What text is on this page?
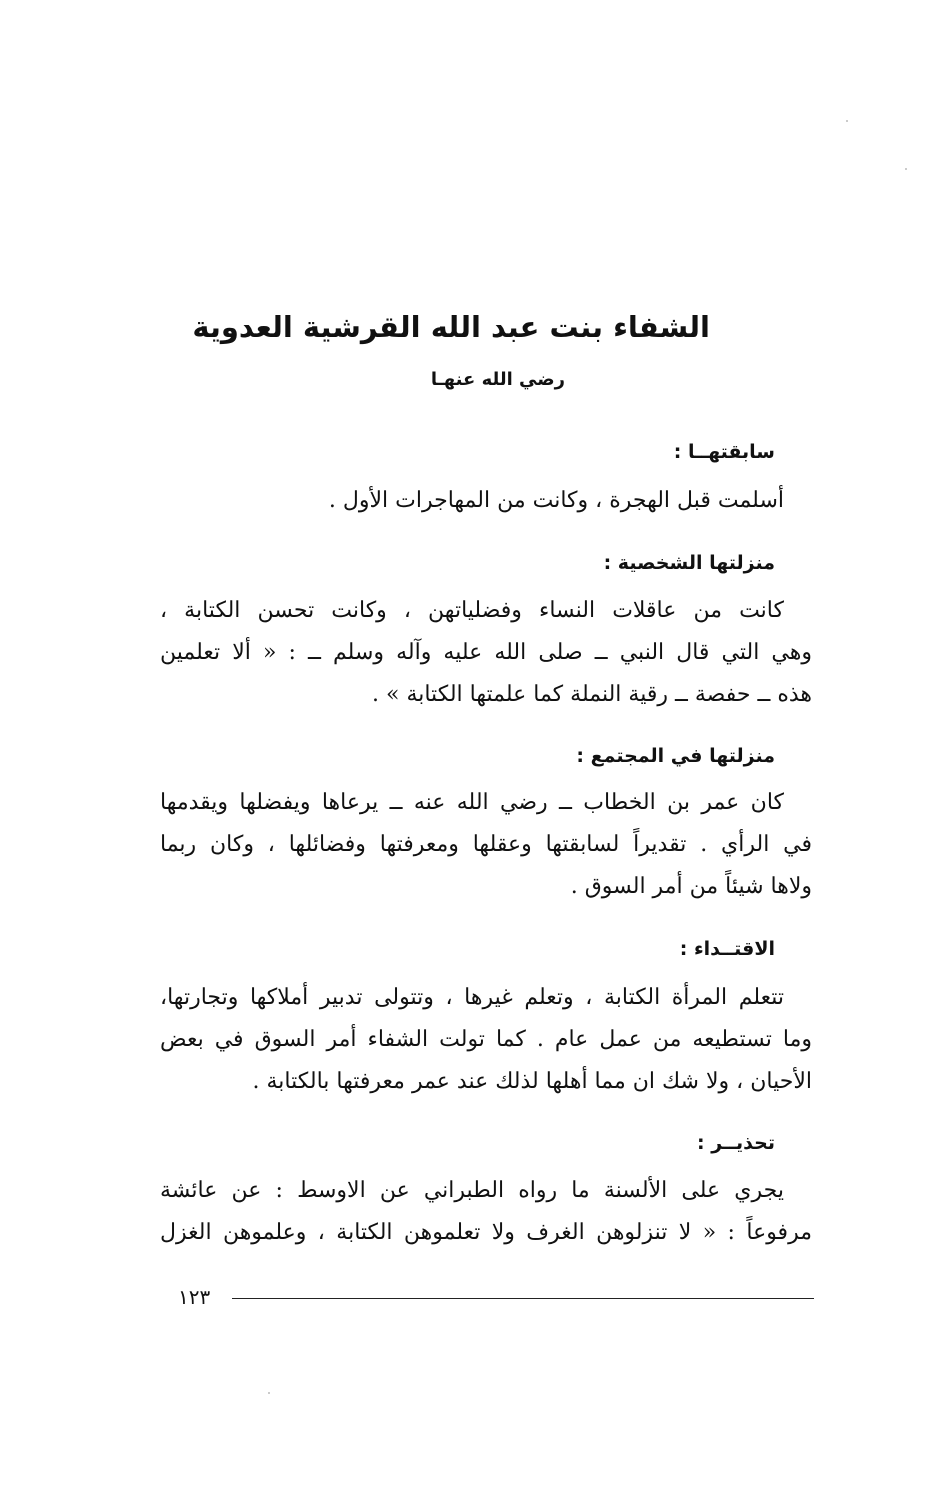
الشفاء بنت عبد الله القرشية العدوية
رضي الله عنهـا
سابقتهــا :
أسلمت قبل الهجرة ، وكانت من المهاجرات الأول .
منزلتها الشخصية :
كانت من عاقلات النساء وفضلياتهن ، وكانت تحسن الكتابة ،
وهي التي قال النبي ــ صلى الله عليه وآله وسلم ــ : « ألا تعلمين
هذه ــ حفصة ــ رقية النملة كما علمتها الكتابة » .
منزلتها في المجتمع :
كان عمر بن الخطاب ــ رضي الله عنه ــ يرعاها ويفضلها ويقدمها
في الرأي . تقديراً لسابقتها وعقلها ومعرفتها وفضائلها ، وكان ربما
ولاها شيئاً من أمر السوق .
الاقتــداء :
تتعلم المرأة الكتابة ، وتعلم غيرها ، وتتولى تدبير أملاكها وتجارتها،
وما تستطيعه من عمل عام . كما تولت الشفاء أمر السوق في بعض
الأحيان ، ولا شك ان مما أهلها لذلك عند عمر معرفتها بالكتابة .
تحذيــر :
يجري على الألسنة ما رواه الطبراني عن الاوسط : عن عائشة
مرفوعاً : « لا تنزلوهن الغرف ولا تعلموهن الكتابة ، وعلموهن الغزل
١٢٣
